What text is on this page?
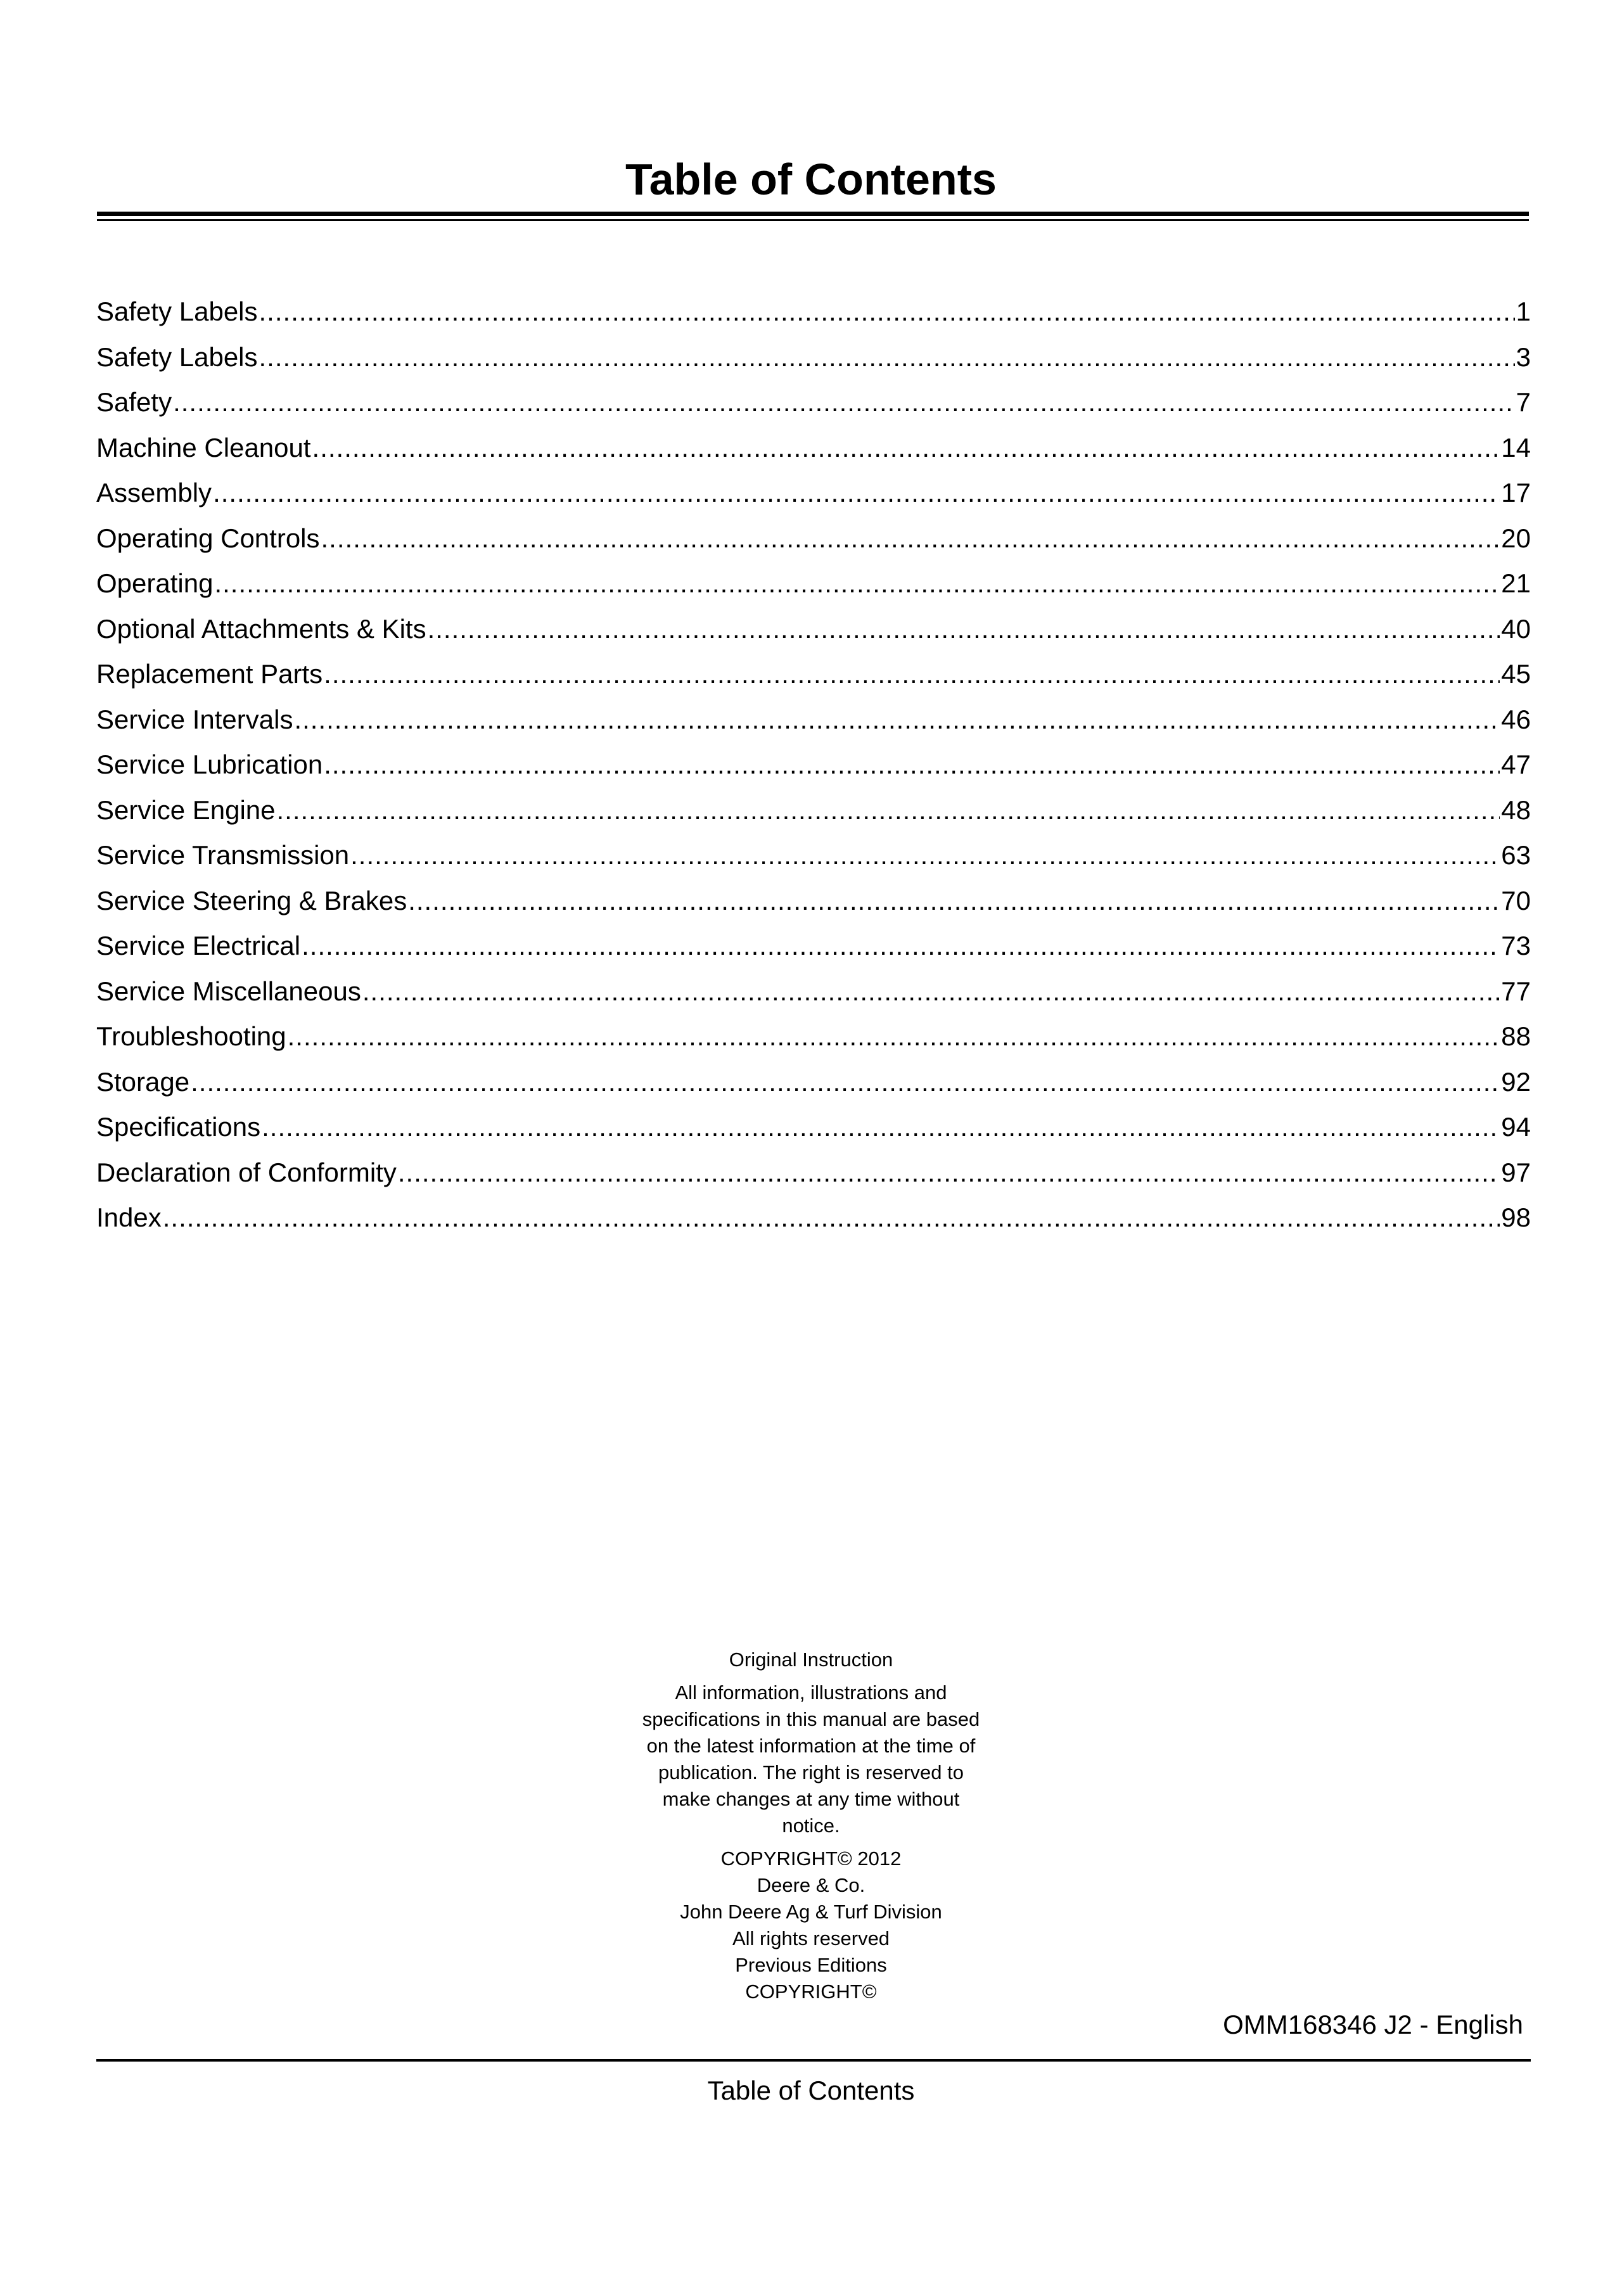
Table of Contents
Safety Labels .....	1
Safety Labels .....	3
Safety .....	7
Machine Cleanout .....	14
Assembly .....	17
Operating Controls .....	20
Operating .....	21
Optional Attachments & Kits .....	40
Replacement Parts .....	45
Service Intervals .....	46
Service Lubrication .....	47
Service Engine .....	48
Service Transmission .....	63
Service Steering & Brakes .....	70
Service Electrical .....	73
Service Miscellaneous .....	77
Troubleshooting .....	88
Storage .....	92
Specifications .....	94
Declaration of Conformity .....	97
Index .....	98
Original Instruction
All information, illustrations and
specifications in this manual are based
on the latest information at the time of
publication. The right is reserved to
make changes at any time without
notice.
COPYRIGHT© 2012
Deere & Co.
John Deere Ag & Turf Division
All rights reserved
Previous Editions
COPYRIGHT©
OMM168346 J2 - English
Table of Contents
